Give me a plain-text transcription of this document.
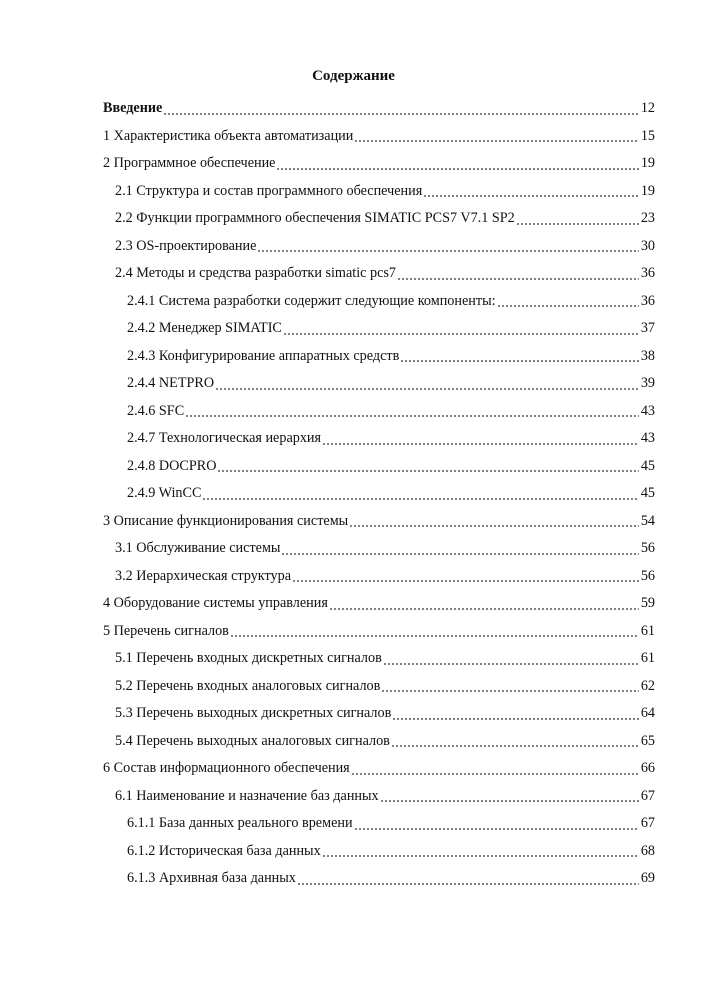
Содержание
Введение	12
1 Характеристика объекта автоматизации	15
2 Программное обеспечение	19
2.1 Структура и состав программного обеспечения	19
2.2 Функции программного обеспечения SIMATIC PCS7 V7.1 SP2	23
2.3 OS-проектирование	30
2.4 Методы и средства разработки simatic pcs7	36
2.4.1 Система разработки содержит следующие компоненты:	36
2.4.2 Менеджер SIMATIC	37
2.4.3 Конфигурирование аппаратных средств	38
2.4.4 NETPRO	39
2.4.6 SFC	43
2.4.7 Технологическая иерархия	43
2.4.8 DOCPRO	45
2.4.9 WinCC	45
3 Описание функционирования системы	54
3.1 Обслуживание системы	56
3.2 Иерархическая структура	56
4 Оборудование системы управления	59
5 Перечень сигналов	61
5.1 Перечень входных дискретных сигналов	61
5.2 Перечень входных аналоговых сигналов	62
5.3 Перечень выходных дискретных сигналов	64
5.4 Перечень выходных аналоговых сигналов	65
6 Состав информационного обеспечения	66
6.1 Наименование и назначение баз данных	67
6.1.1 База данных реального времени	67
6.1.2 Историческая база данных	68
6.1.3 Архивная база данных	69
